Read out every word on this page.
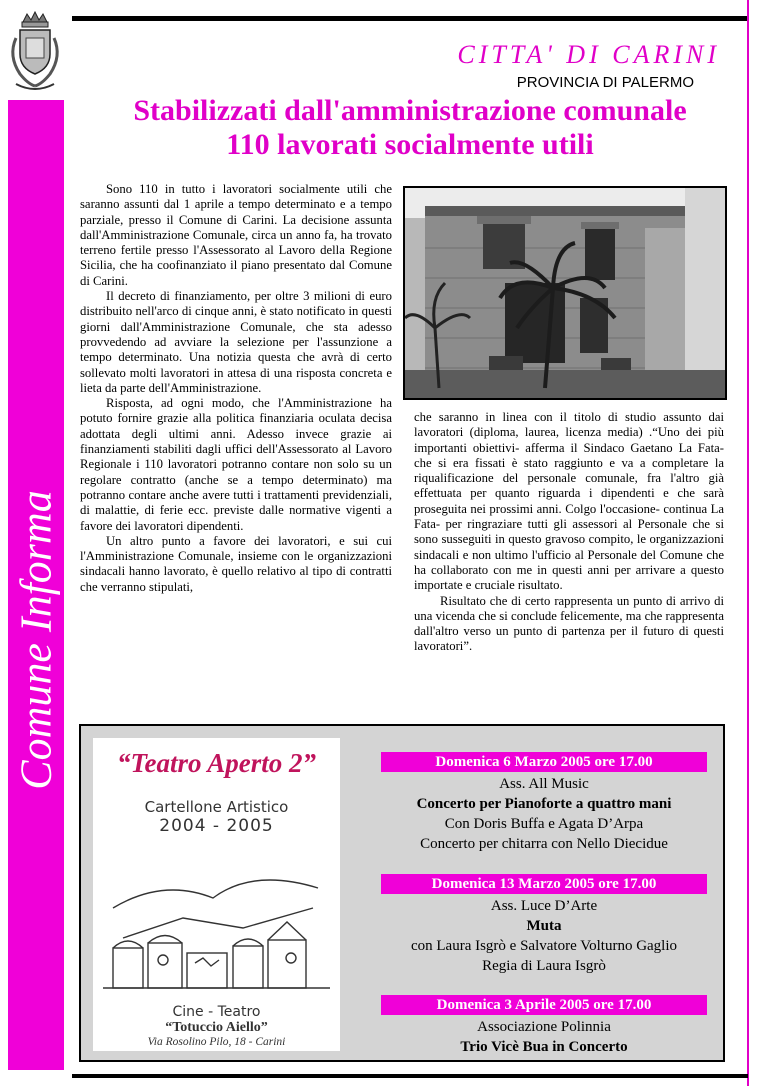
Comune Informa
CITTA' DI CARINI
PROVINCIA DI PALERMO
Stabilizzati dall'amministrazione comunale
110 lavorati socialmente utili

Sono 110 in tutto i lavoratori socialmente utili che saranno assunti dal 1 aprile a tempo determinato e a tempo parziale, presso il Comune di Carini. La decisione assunta dall'Amministrazione Comunale, circa un anno fa, ha trovato terreno fertile presso l'Assessorato al Lavoro della Regione Sicilia, che ha coofinanziato il piano presentato dal Comune di Carini.

Il decreto di finanziamento, per oltre 3 milioni di euro distribuito nell'arco di cinque anni, è stato notificato in questi giorni dall'Amministrazione Comunale, che sta adesso provvedendo ad avviare la selezione per l'assunzione a tempo determinato. Una notizia questa che avrà di certo sollevato molti lavoratori in attesa di una risposta concreta e lieta da parte dell'Amministrazione.

Risposta, ad ogni modo, che l'Amministrazione ha potuto fornire grazie alla politica finanziaria oculata decisa adottata degli ultimi anni. Adesso invece grazie ai finanziamenti stabiliti dagli uffici dell'Assessorato al Lavoro Regionale i 110 lavoratori potranno contare non solo su un regolare contratto (anche se a tempo determinato) ma potranno contare anche avere tutti i trattamenti previdenziali, di malattie, di ferie ecc. previste dalle normative vigenti a favore dei lavoratori dipendenti.

Un altro punto a favore dei lavoratori, e sui cui l'Amministrazione Comunale, insieme con le organizzazioni sindacali hanno lavorato, è quello relativo al tipo di contratti che verranno stipulati,

che saranno in linea con il titolo di studio assunto dai lavoratori (diploma, laurea, licenza media) .“Uno dei più importanti obiettivi- afferma il Sindaco Gaetano La Fata- che si era fissati è stato raggiunto e va a completare la riqualificazione del personale comunale, fra l'altro già effettuata per quanto riguarda i dipendenti e che sarà proseguita nei prossimi anni. Colgo l'occasione- continua La Fata- per ringraziare tutti gli assessori al Personale che si sono susseguiti in questo gravoso compito, le organizzazioni sindacali e non ultimo l'ufficio al Personale del Comune che ha collaborato con me in questi anni per arrivare a questo importate e cruciale risultato.

Risultato che di certo rappresenta un punto di arrivo di una vicenda che si conclude felicemente, ma che rappresenta dall'altro verso un punto di partenza per il futuro di questi lavoratori”.

“Teatro Aperto 2”
Cartellone Artistico
2004 - 2005
Cine - Teatro
“Totuccio Aiello”
Via Rosolino Pilo, 18 - Carini
Domenica 6 Marzo 2005 ore 17.00
Ass. All Music
Concerto per Pianoforte a quattro mani
Con Doris Buffa e Agata D’Arpa
Concerto per chitarra con Nello Diecidue
Domenica 13 Marzo 2005 ore 17.00
Ass. Luce D’Arte
Muta
con Laura Isgrò e Salvatore Volturno Gaglio
Regia di Laura Isgrò
Domenica 3 Aprile 2005 ore 17.00
Associazione Polinnia
Trio Vicè Bua in Concerto
